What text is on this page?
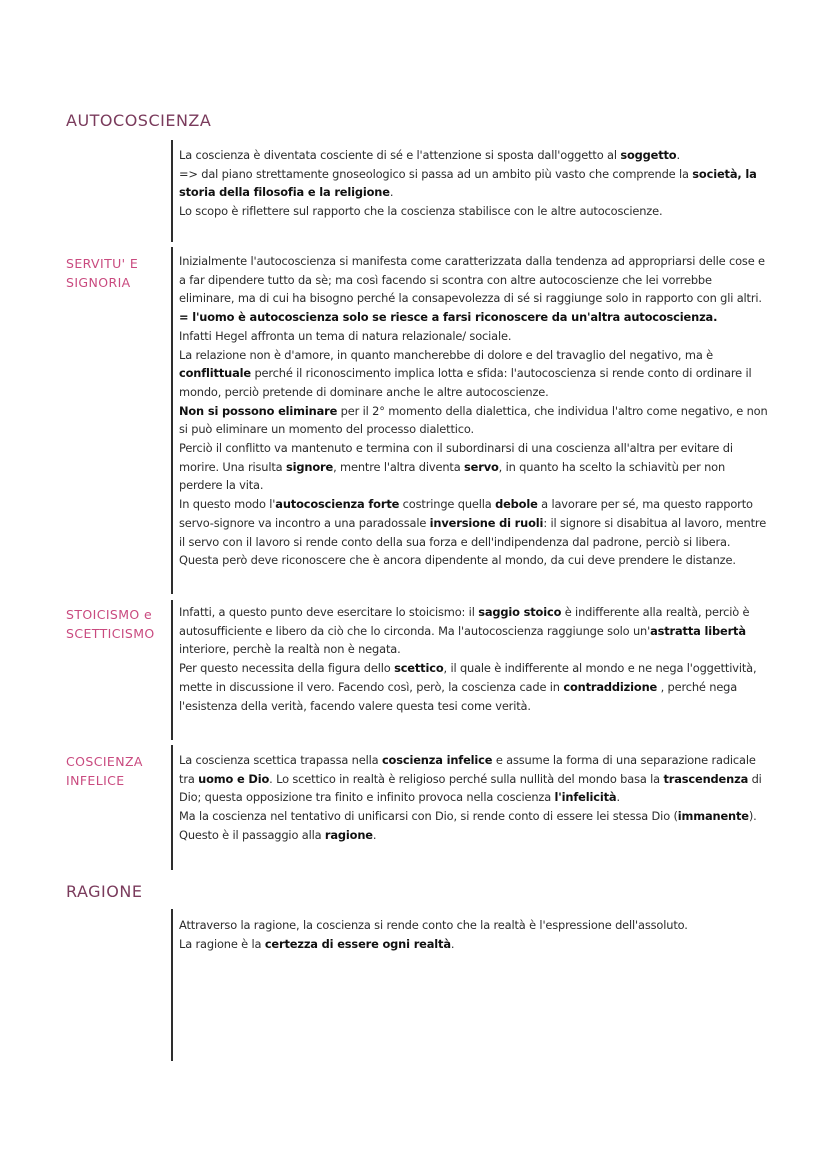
AUTOCOSCIENZA

La coscienza è diventata cosciente di sé e l'attenzione si sposta dall'oggetto al soggetto.

=> dal piano strettamente gnoseologico si passa ad un ambito più vasto che comprende la società, la storia della filosofia e la religione.

Lo scopo è riflettere sul rapporto che la coscienza stabilisce con le altre autocoscienze.

SERVITU' E
SIGNORIA

Inizialmente l'autocoscienza si manifesta come caratterizzata dalla tendenza ad appropriarsi delle cose e a far dipendere tutto da sè; ma così facendo si scontra con altre autocoscienze che lei vorrebbe eliminare, ma di cui ha bisogno perché la consapevolezza di sé si raggiunge solo in rapporto con gli altri.

= l'uomo è autocoscienza solo se riesce a farsi riconoscere da un'altra autocoscienza.

Infatti Hegel affronta un tema di natura relazionale/ sociale.

La relazione non è d'amore, in quanto mancherebbe di dolore e del travaglio del negativo, ma è conflittuale perché il riconoscimento implica lotta e sfida: l'autocoscienza si rende conto di ordinare il mondo, perciò pretende di dominare anche le altre autocoscienze.

Non si possono eliminare per il 2° momento della dialettica, che individua l'altro come negativo, e non si può eliminare un momento del processo dialettico.

Perciò il conflitto va mantenuto e termina con il subordinarsi di una coscienza all'altra per evitare di morire. Una risulta signore, mentre l'altra diventa servo, in quanto ha scelto la schiavitù per non perdere la vita.

In questo modo l'autocoscienza forte costringe quella debole a lavorare per sé, ma questo rapporto servo-signore va incontro a una paradossale inversione di ruoli: il signore si disabitua al lavoro, mentre il servo con il lavoro si rende conto della sua forza e dell'indipendenza dal padrone, perciò si libera. Questa però deve riconoscere che è ancora dipendente al mondo, da cui deve prendere le distanze.

STOICISMO e
SCETTICISMO

Infatti, a questo punto deve esercitare lo stoicismo: il saggio stoico è indifferente alla realtà, perciò è autosufficiente e libero da ciò che lo circonda. Ma l'autocoscienza raggiunge solo un'astratta libertà interiore, perchè la realtà non è negata.

Per questo necessita della figura dello scettico, il quale è indifferente al mondo e ne nega l'oggettività, mette in discussione il vero. Facendo così, però, la coscienza cade in contraddizione , perché nega l'esistenza della verità, facendo valere questa tesi come verità.

COSCIENZA
INFELICE

La coscienza scettica trapassa nella coscienza infelice e assume la forma di una separazione radicale tra uomo e Dio. Lo scettico in realtà è religioso perché sulla nullità del mondo basa la trascendenza di Dio; questa opposizione tra finito e infinito provoca nella coscienza l'infelicità.

Ma la coscienza nel tentativo di unificarsi con Dio, si rende conto di essere lei stessa Dio (immanente).

Questo è il passaggio alla ragione.

RAGIONE

Attraverso la ragione, la coscienza si rende conto che la realtà è l'espressione dell'assoluto.

La ragione è la certezza di essere ogni realtà.
